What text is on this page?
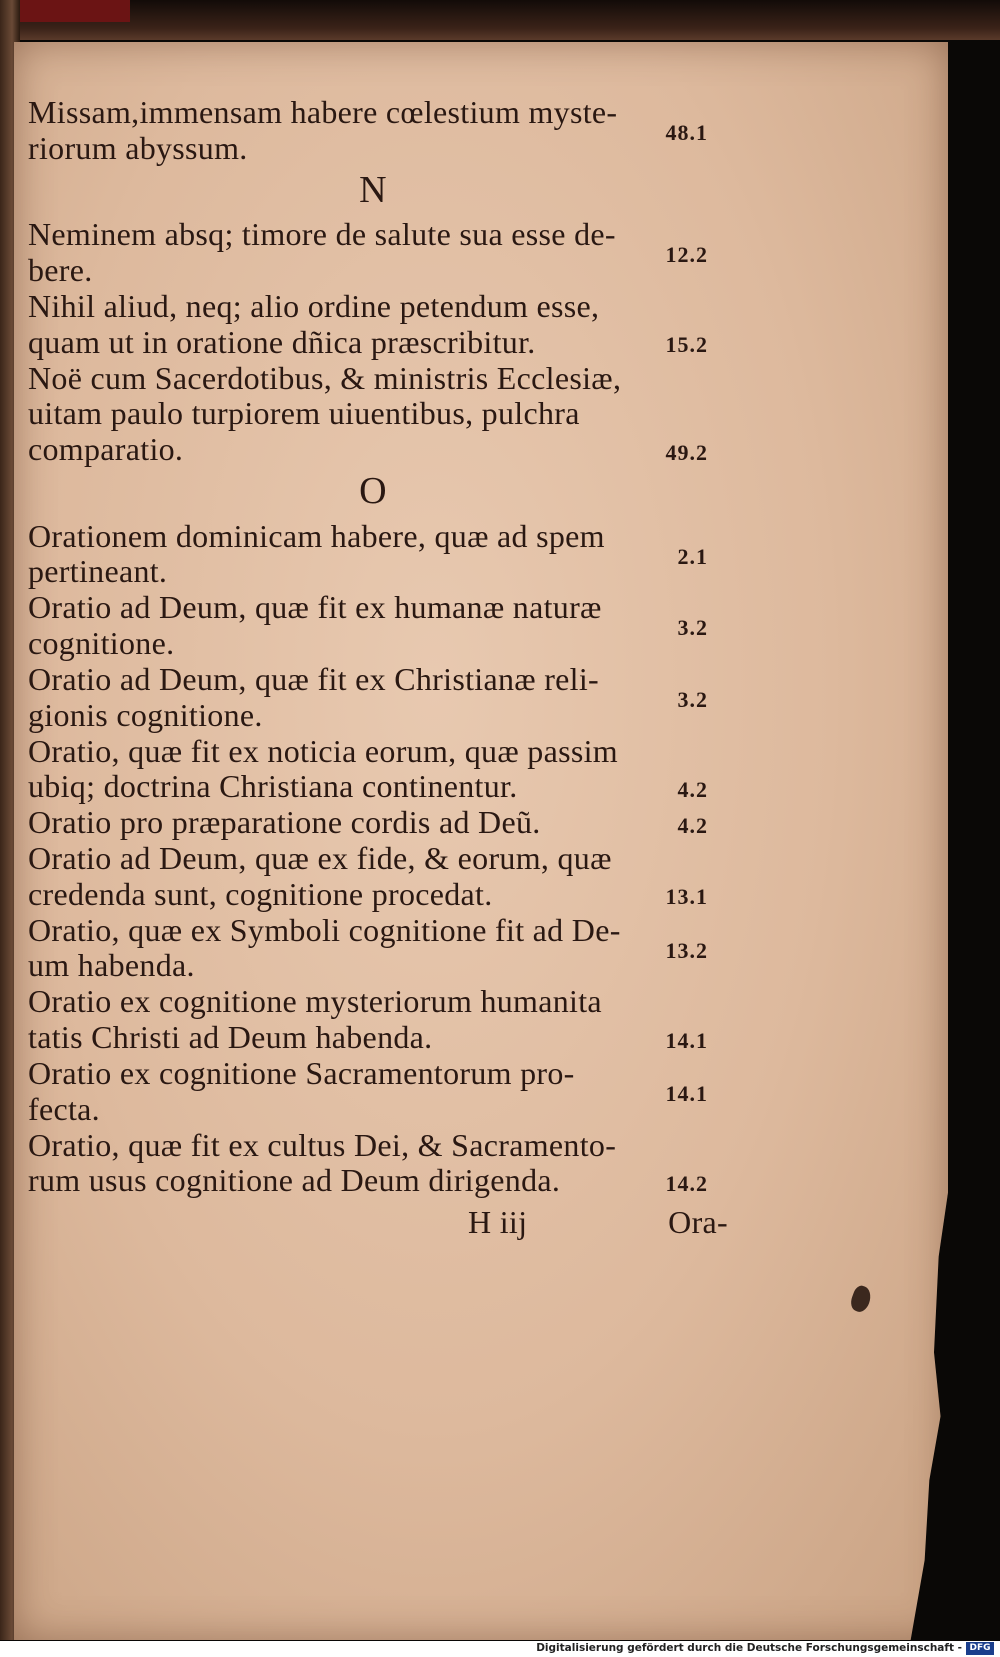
Missam,immensam habere cœlestium myste-
riorum abyssum.	48.1
N
Neminem absq; timore de salute sua esse de-
bere.	12.2
Nihil aliud, neq; alio ordine petendum esse,
quam ut in oratione dñica præscribitur.	15.2
Noë cum Sacerdotibus, & ministris Ecclesiæ,
uitam paulo turpiorem uiuentibus, pulchra
comparatio.	49.2
O
Orationem dominicam habere, quæ ad spem
pertineant.	2.1
Oratio ad Deum, quæ fit ex humanæ naturæ
cognitione.	3.2
Oratio ad Deum, quæ fit ex Christianæ reli-
gionis cognitione.	3.2
Oratio, quæ fit ex noticia eorum, quæ passim
ubiq; doctrina Christiana continentur.	4.2
Oratio pro præparatione cordis ad Deũ.	4.2
Oratio ad Deum, quæ ex fide, & eorum, quæ
credenda sunt, cognitione procedat.	13.1
Oratio, quæ ex Symboli cognitione fit ad De-
um habenda.	13.2
Oratio ex cognitione mysteriorum humanita
tatis Christi ad Deum habenda.	14.1
Oratio ex cognitione Sacramentorum pro-
fecta.	14.1
Oratio, quæ fit ex cultus Dei, & Sacramento-
rum usus cognitione ad Deum dirigenda.	14.2
H iij	Ora-
Digitalisierung gefördert durch die Deutsche Forschungsgemeinschaft - DFG
